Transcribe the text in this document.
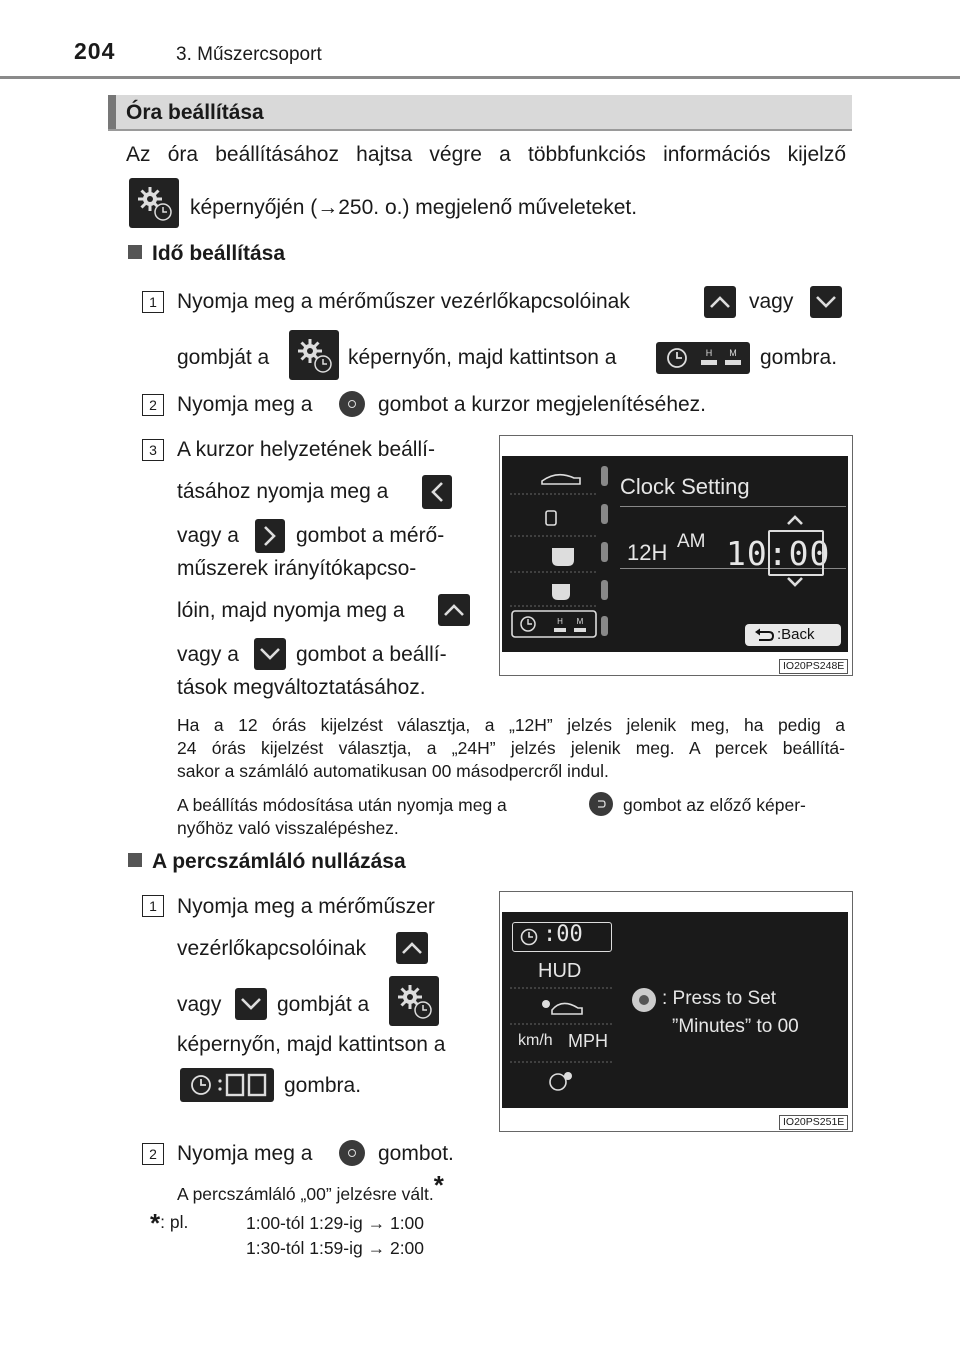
204	3. Műszercsoport
Óra beállítása
Az óra beállításához hajtsa végre a többfunkciós információs kijelző
képernyőjén (→250. o.) megjelenő műveleteket.
Idő beállítása
1 Nyomja meg a mérőműszer vezérlőkapcsolóinak	vagy
gombját a	képernyőn, majd kattintson a	H M gombra.
2 Nyomja meg a	gombot a kurzor megjelenítéséhez.
3 A kurzor helyzetének beállí-
tásához nyomja meg a
vagy a	gombot a mérő-
műszerek irányítókapcso-
lóin, majd nyomja meg a
vagy a	gombot a beállí-
tások megváltoztatásához.
H M
Clock Setting
12H AM 10:00
:Back
IO20PS248E
Ha a 12 órás kijelzést választja, a „12H” jelzés jelenik meg, ha pedig a
24 órás kijelzést választja, a „24H” jelzés jelenik meg. A percek beállítá-
sakor a számláló automatikusan 00 másodpercről indul.
A beállítás módosítása után nyomja meg a	gombot az előző képer-
nyőhöz való visszalépéshez.
A percszámláló nullázása
1 Nyomja meg a mérőműszer
vezérlőkapcsolóinak
vagy	gombját a
képernyőn, majd kattintson a
gombra.
:00
HUD
km/h MPH
: Press to Set
”Minutes” to 00
IO20PS251E
2 Nyomja meg a	gombot.
A percszámláló „00” jelzésre vált.*
*: pl.	1:00-tól 1:29-ig → 1:00
1:30-tól 1:59-ig → 2:00
